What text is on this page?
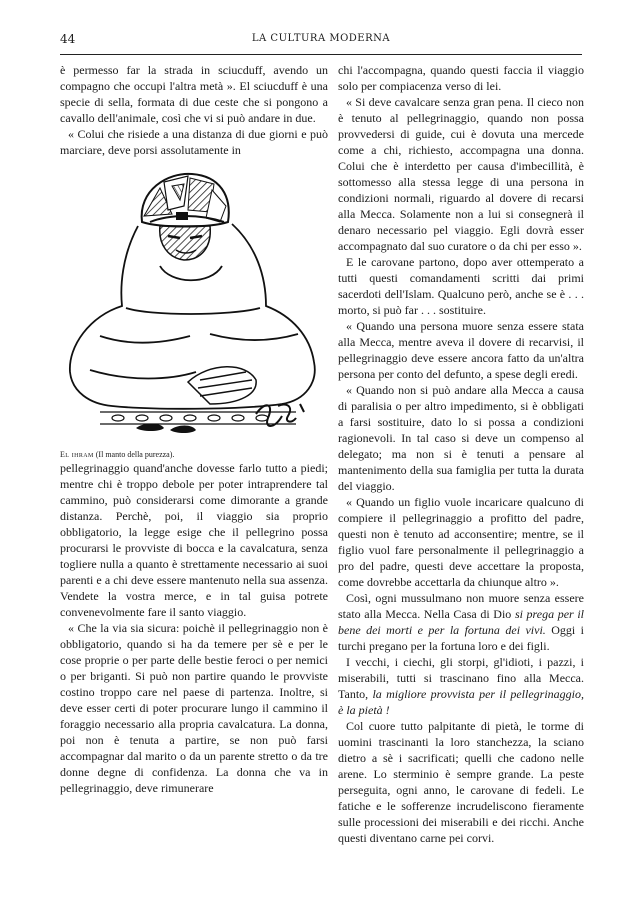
44	LA CULTURA MODERNA

è permesso far la strada in sciucduff, avendo un compagno che occupi l'altra metà ». El sciucduff è una specie di sella, formata di due ceste che si pongono a cavallo dell'animale, così che vi si può andare in due.

« Colui che risiede a una distanza di due giorni e può marciare, deve porsi assolutamente in

El ihram (Il manto della purezza).

pellegrinaggio quand'anche dovesse farlo tutto a piedi; mentre chi è troppo debole per poter intraprendere tal cammino, può considerarsi come dimorante a grande distanza. Perchè, poi, il viaggio sia proprio obbligatorio, la legge esige che il pellegrino possa procurarsi le provviste di bocca e la cavalcatura, senza togliere nulla a quanto è strettamente necessario ai suoi parenti e a chi deve essere mantenuto nella sua assenza. Vendete la vostra merce, e in tal guisa potrete convenevolmente fare il santo viaggio.

« Che la via sia sicura: poichè il pellegrinaggio non è obbligatorio, quando si ha da temere per sè e per le cose proprie o per parte delle bestie feroci o per nemici o per briganti. Si può non partire quando le provviste costino troppo care nel paese di partenza. Inoltre, si deve esser certi di poter procurare lungo il cammino il foraggio necessario alla propria cavalcatura. La donna, poi non è tenuta a partire, se non può farsi accompagnar dal marito o da un parente stretto o da tre donne degne di confidenza. La donna che va in pellegrinaggio, deve rimunerare

chi l'accompagna, quando questi faccia il viaggio solo per compiacenza verso di lei.

« Si deve cavalcare senza gran pena. Il cieco non è tenuto al pellegrinaggio, quando non possa provvedersi di guide, cui è dovuta una mercede come a chi, richiesto, accompagna una donna. Colui che è interdetto per causa d'imbecillità, è sottomesso alla stessa legge di una persona in condizioni normali, riguardo al dovere di recarsi alla Mecca. Solamente non a lui si consegnerà il denaro necessario pel viaggio. Egli dovrà esser accompagnato dal suo curatore o da chi per esso ».

E le carovane partono, dopo aver ottemperato a tutti questi comandamenti scritti dai primi sacerdoti dell'Islam. Qualcuno però, anche se è . . . morto, si può far . . . sostituire.

« Quando una persona muore senza essere stata alla Mecca, mentre aveva il dovere di recarvisi, il pellegrinaggio deve essere ancora fatto da un'altra persona per conto del defunto, a spese degli eredi.

« Quando non si può andare alla Mecca a causa di paralisia o per altro impedimento, si è obbligati a farsi sostituire, dato lo si possa a condizioni ragionevoli. In tal caso si deve un compenso al delegato; ma non si è tenuti a pensare al mantenimento della sua famiglia per tutta la durata del viaggio.

« Quando un figlio vuole incaricare qualcuno di compiere il pellegrinaggio a profitto del padre, questi non è tenuto ad acconsentire; mentre, se il figlio vuol fare personalmente il pellegrinaggio a pro del padre, questi deve accettare la proposta, come dovrebbe accettarla da chiunque altro ».

Così, ogni mussulmano non muore senza essere stato alla Mecca. Nella Casa di Dio si prega per il bene dei morti e per la fortuna dei vivi. Oggi i turchi pregano per la fortuna loro e dei figli.

I vecchi, i ciechi, gli storpi, gl'idioti, i pazzi, i miserabili, tutti si trascinano fino alla Mecca. Tanto, la migliore provvista per il pellegrinaggio, è la pietà !

Col cuore tutto palpitante di pietà, le torme di uomini trascinanti la loro stanchezza, la sciano dietro a sè i sacrificati; quelli che cadono nelle arene. Lo sterminio è sempre grande. La peste perseguita, ogni anno, le carovane di fedeli. Le fatiche e le sofferenze incrudeliscono fieramente sulle processioni dei miserabili e dei ricchi. Anche questi diventano carne pei corvi.
